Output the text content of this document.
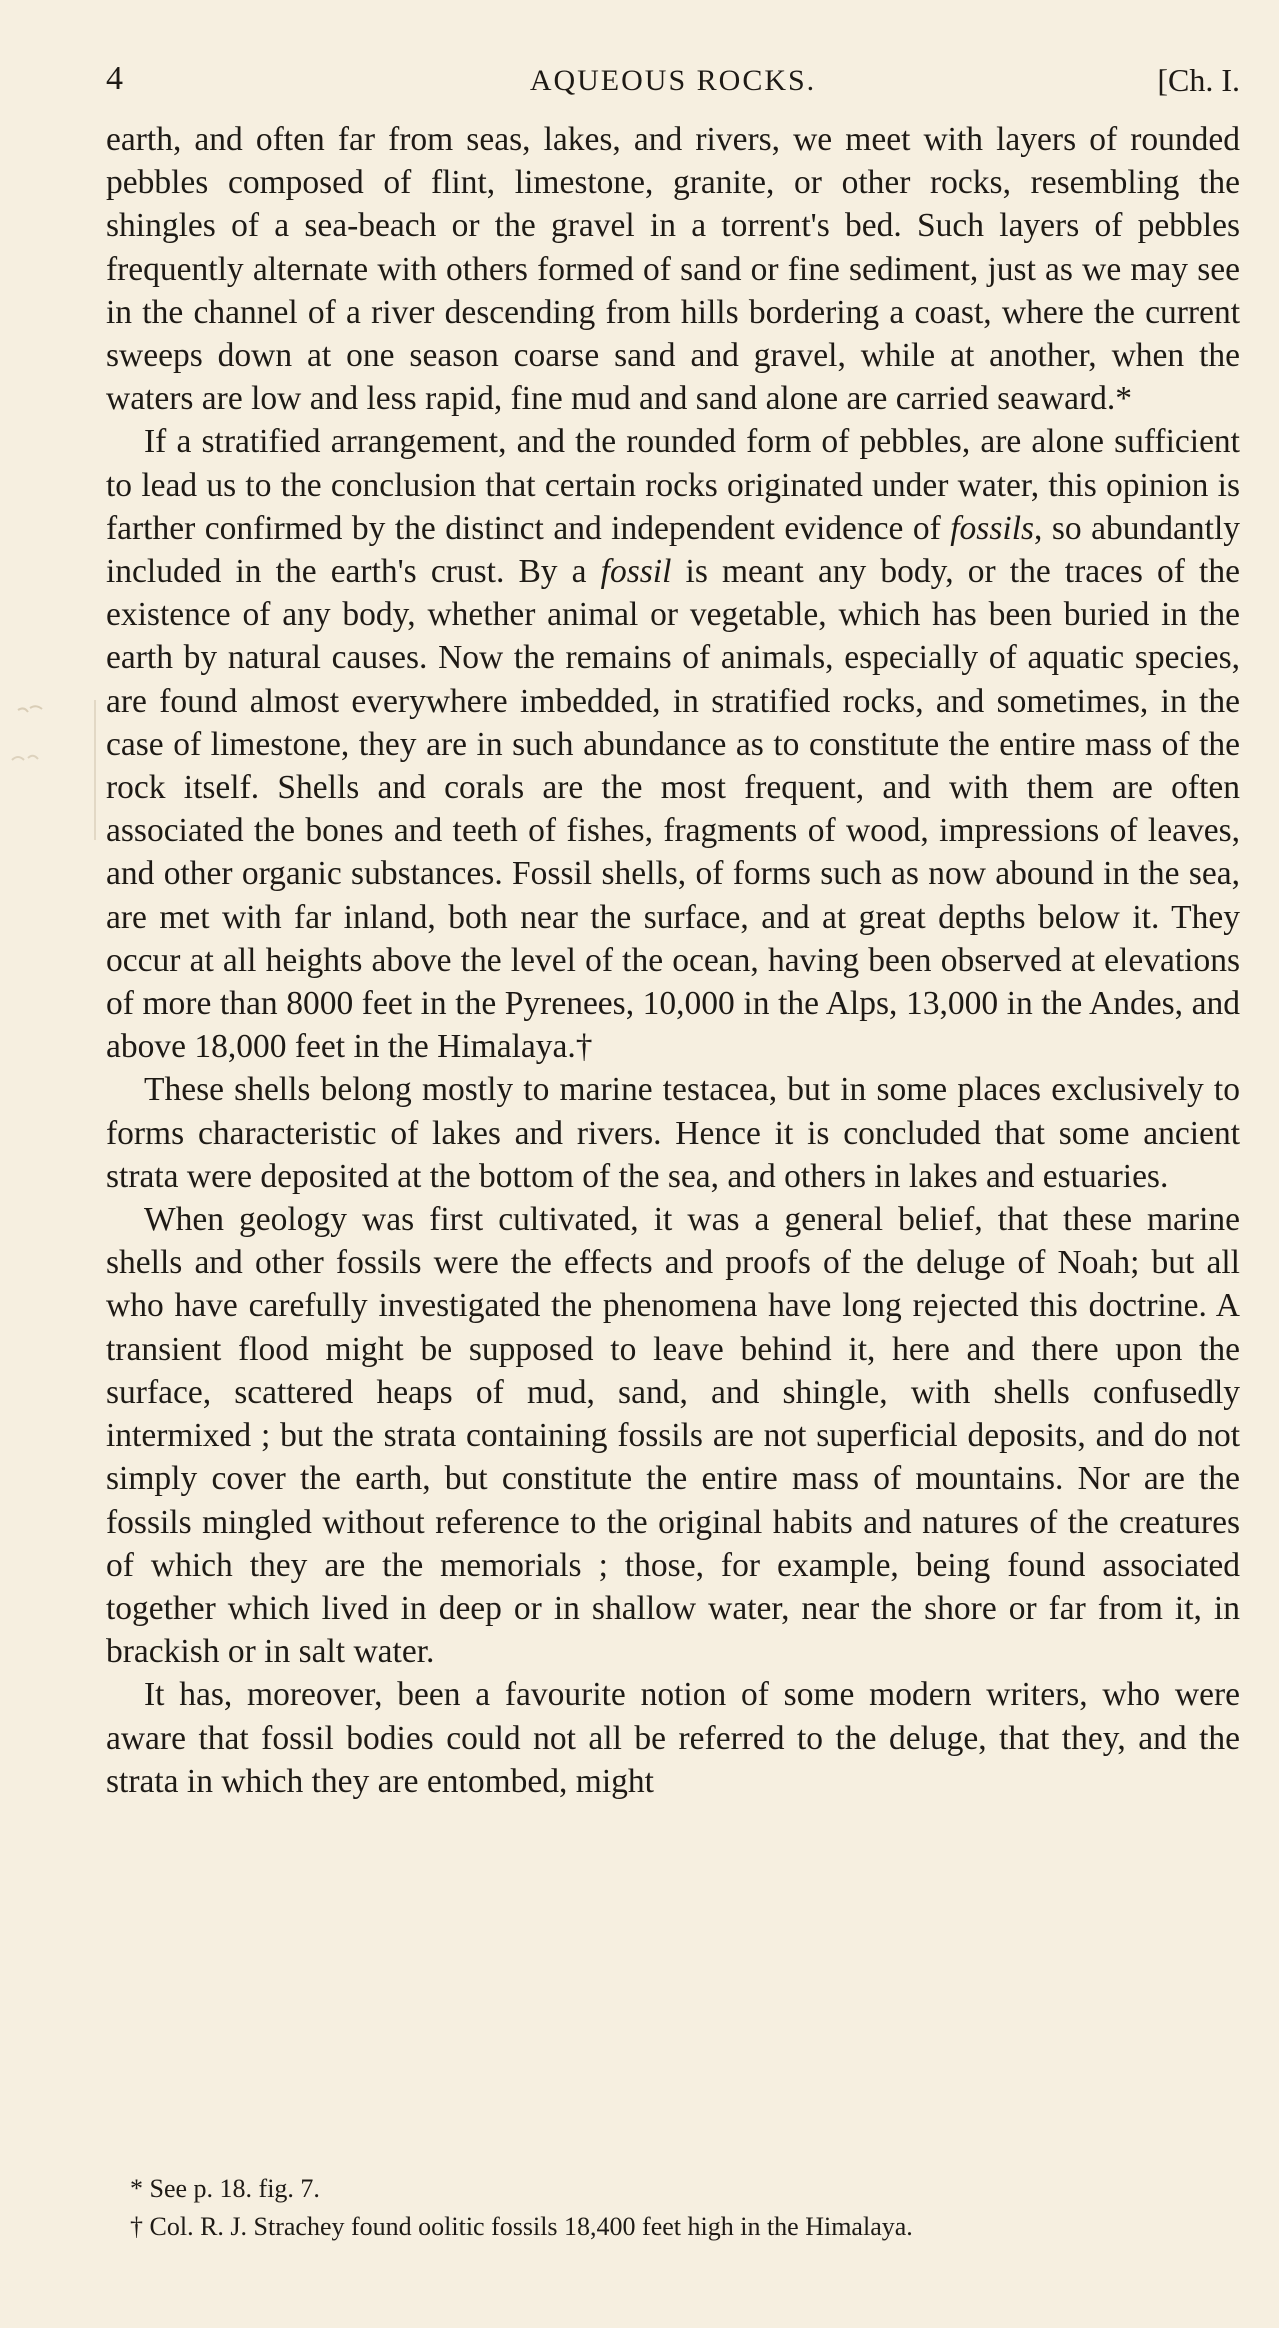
4	AQUEOUS ROCKS.	[Ch. I.

earth, and often far from seas, lakes, and rivers, we meet with layers of rounded pebbles composed of flint, limestone, granite, or other rocks, resembling the shingles of a sea-beach or the gravel in a torrent's bed. Such layers of pebbles frequently alternate with others formed of sand or fine sediment, just as we may see in the channel of a river descending from hills bordering a coast, where the current sweeps down at one season coarse sand and gravel, while at another, when the waters are low and less rapid, fine mud and sand alone are carried seaward.*

If a stratified arrangement, and the rounded form of pebbles, are alone sufficient to lead us to the conclusion that certain rocks originated under water, this opinion is farther confirmed by the distinct and independent evidence of fossils, so abundantly included in the earth's crust. By a fossil is meant any body, or the traces of the existence of any body, whether animal or vegetable, which has been buried in the earth by natural causes. Now the remains of animals, especially of aquatic species, are found almost everywhere imbedded, in stratified rocks, and sometimes, in the case of limestone, they are in such abundance as to constitute the entire mass of the rock itself. Shells and corals are the most frequent, and with them are often associated the bones and teeth of fishes, fragments of wood, impressions of leaves, and other organic substances. Fossil shells, of forms such as now abound in the sea, are met with far inland, both near the surface, and at great depths below it. They occur at all heights above the level of the ocean, having been observed at elevations of more than 8000 feet in the Pyrenees, 10,000 in the Alps, 13,000 in the Andes, and above 18,000 feet in the Himalaya.†

These shells belong mostly to marine testacea, but in some places exclusively to forms characteristic of lakes and rivers. Hence it is concluded that some ancient strata were deposited at the bottom of the sea, and others in lakes and estuaries.

When geology was first cultivated, it was a general belief, that these marine shells and other fossils were the effects and proofs of the deluge of Noah; but all who have carefully investigated the phenomena have long rejected this doctrine. A transient flood might be supposed to leave behind it, here and there upon the surface, scattered heaps of mud, sand, and shingle, with shells confusedly intermixed ; but the strata containing fossils are not superficial deposits, and do not simply cover the earth, but constitute the entire mass of mountains. Nor are the fossils mingled without reference to the original habits and natures of the creatures of which they are the memorials ; those, for example, being found associated together which lived in deep or in shallow water, near the shore or far from it, in brackish or in salt water.

It has, moreover, been a favourite notion of some modern writers, who were aware that fossil bodies could not all be referred to the deluge, that they, and the strata in which they are entombed, might

* See p. 18. fig. 7.
† Col. R. J. Strachey found oolitic fossils 18,400 feet high in the Himalaya.
